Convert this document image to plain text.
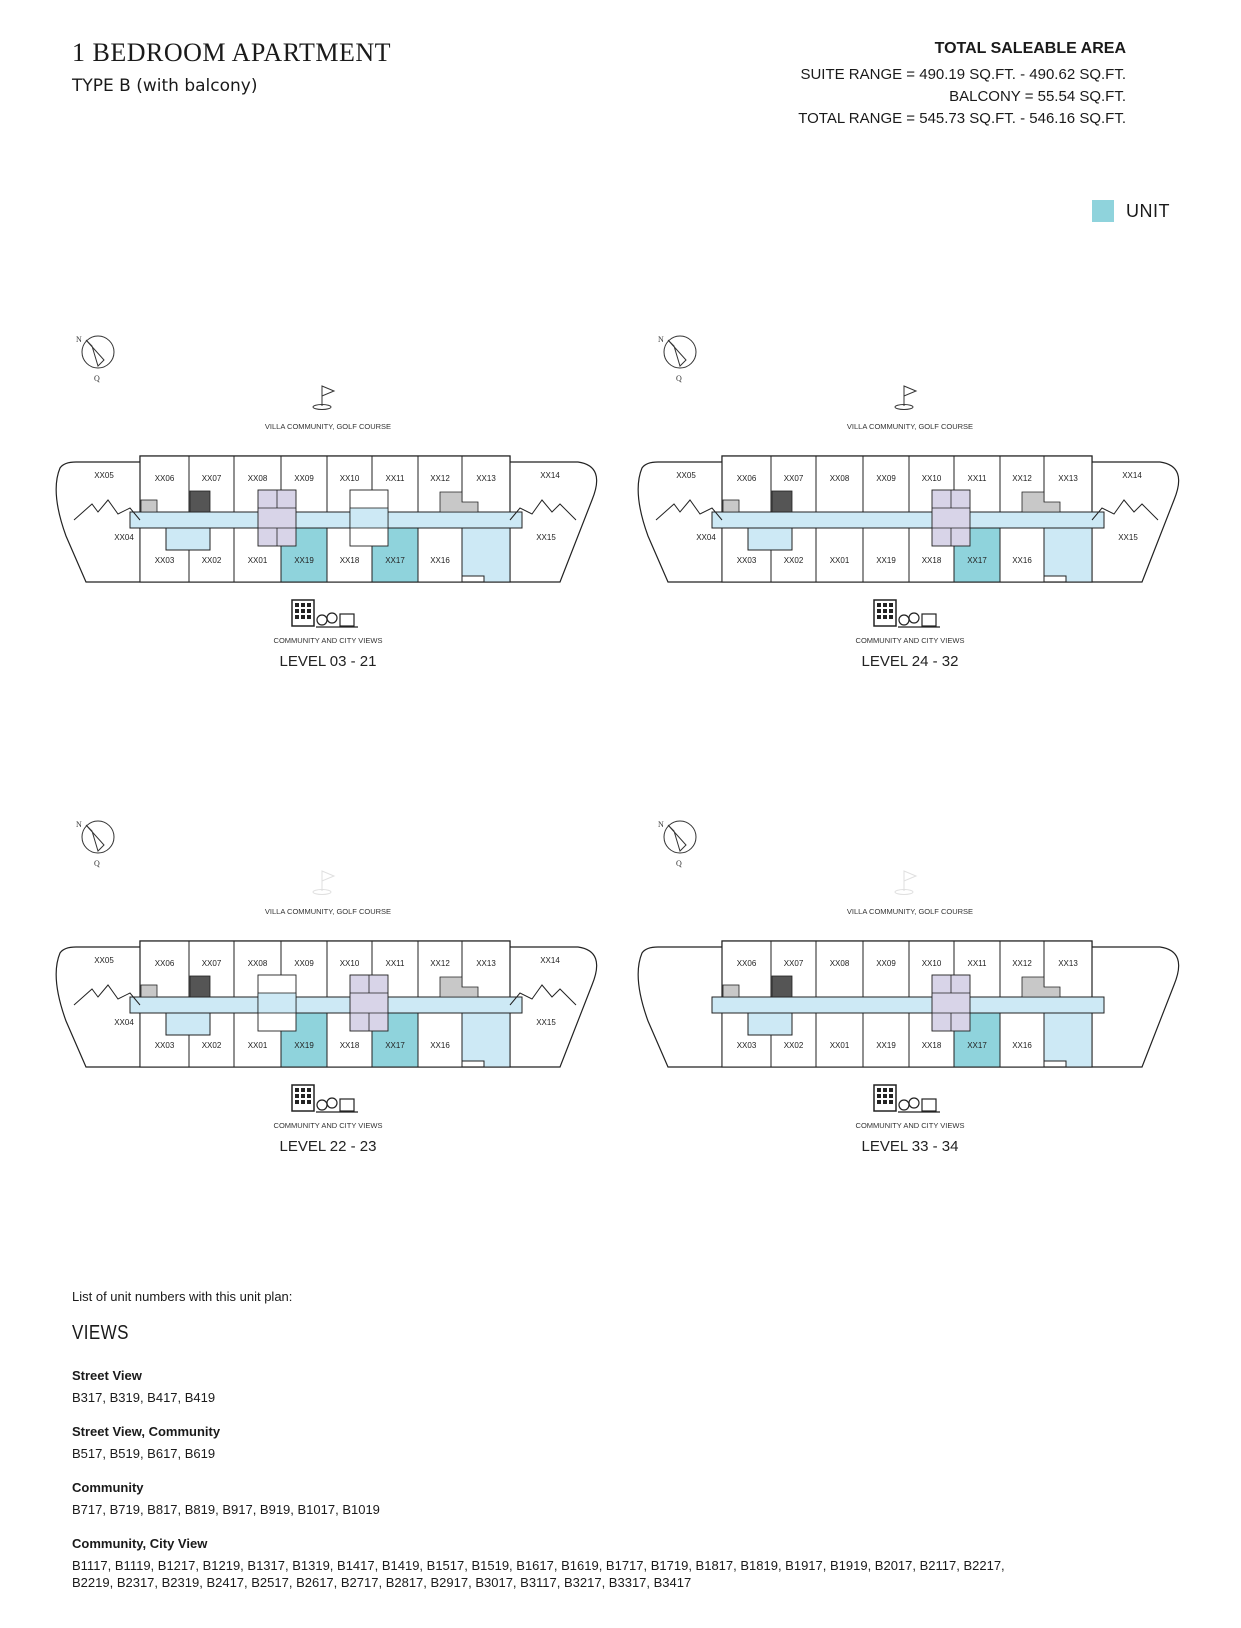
1 BEDROOM APARTMENT
TYPE B (with balcony)
TOTAL SALEABLE AREA
SUITE RANGE = 490.19 SQ.FT. - 490.62 SQ.FT.
BALCONY = 55.54 SQ.FT.
TOTAL RANGE = 545.73 SQ.FT. - 546.16 SQ.FT.
UNIT
N
Q
VILLA COMMUNITY, GOLF COURSE
XX06	XX07	XX08	XX09	XX10	XX11	XX12	XX13
XX03	XX02	XX01	XX19	XX18	XX17	XX16
XX05
XX04
XX14
XX15
COMMUNITY AND CITY VIEWS
LEVEL 03 - 21
N
Q
VILLA COMMUNITY, GOLF COURSE
XX06	XX07	XX08	XX09	XX10	XX11	XX12	XX13
XX03	XX02	XX01	XX19	XX18	XX17	XX16
XX05
XX04
XX14
XX15
COMMUNITY AND CITY VIEWS
LEVEL 24 - 32
N
Q
VILLA COMMUNITY, GOLF COURSE
XX06	XX07	XX08	XX09	XX10	XX11	XX12	XX13
XX03	XX02	XX01	XX19	XX18	XX17	XX16
XX05
XX04
XX14
XX15
COMMUNITY AND CITY VIEWS
LEVEL 22 - 23
N
Q
VILLA COMMUNITY, GOLF COURSE
XX06	XX07	XX08	XX09	XX10	XX11	XX12	XX13
XX03	XX02	XX01	XX19	XX18	XX17	XX16
COMMUNITY AND CITY VIEWS
LEVEL 33 - 34
List of unit numbers with this unit plan:
VIEWS
Street View
B317, B319, B417, B419
Street View, Community
B517, B519, B617, B619
Community
B717, B719, B817, B819, B917, B919, B1017, B1019
Community, City View
B1117, B1119, B1217, B1219, B1317, B1319, B1417, B1419, B1517, B1519, B1617, B1619, B1717, B1719, B1817, B1819, B1917, B1919, B2017, B2117, B2217, B2219, B2317, B2319, B2417, B2517, B2617, B2717, B2817, B2917, B3017, B3117, B3217, B3317, B3417
